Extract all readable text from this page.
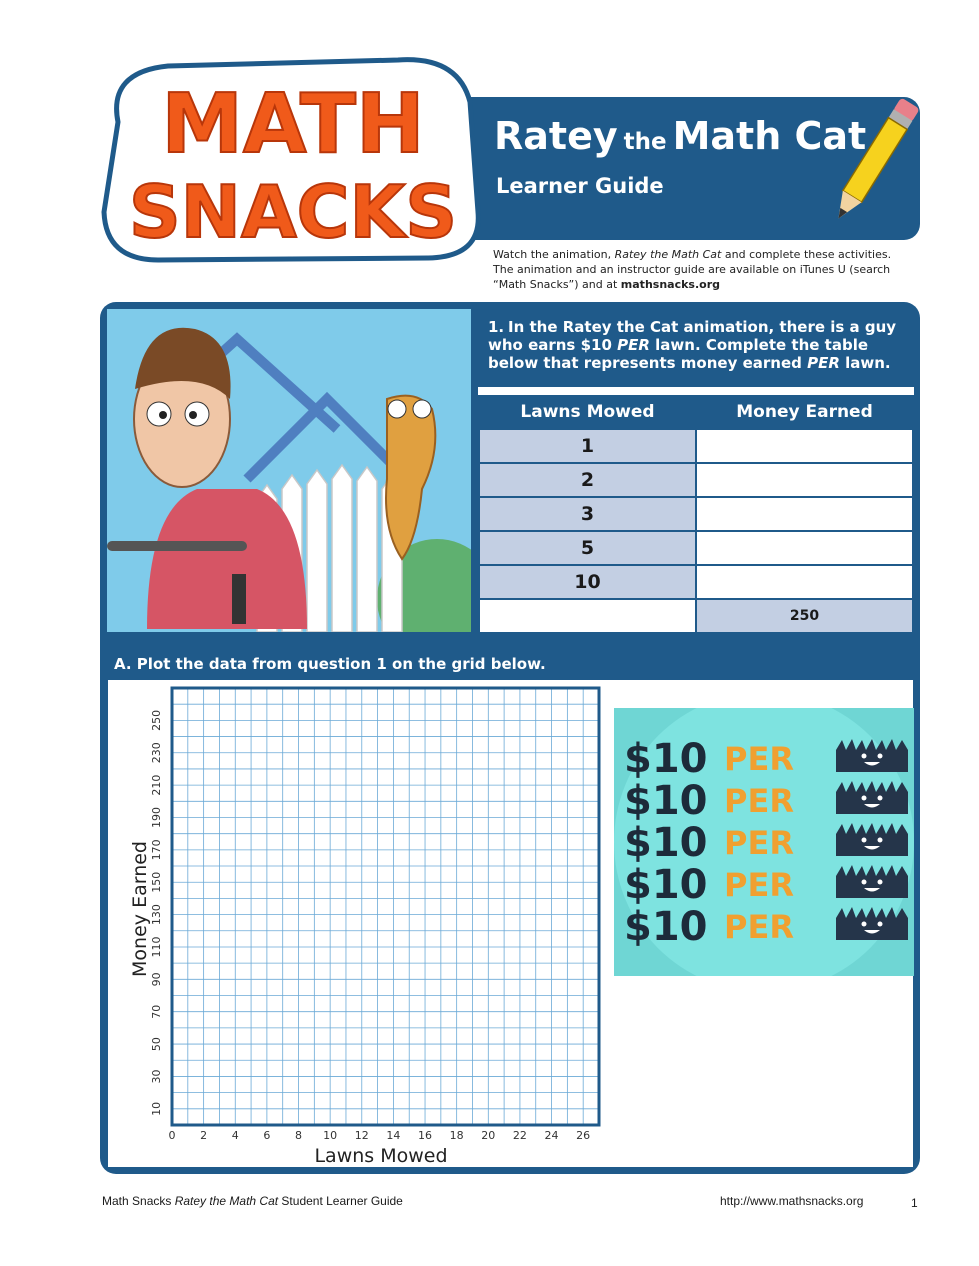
MATH
SNACKS
Ratey the Math Cat
Learner Guide
Watch the animation, Ratey the Math Cat and complete these activities.
The animation and an instructor guide are available on iTunes U (search
“Math Snacks”) and at mathsnacks.org
1. In the Ratey the Cat animation, there is a guy who earns $10 PER lawn. Complete the table below that represents money earned PER lawn.
Lawns Mowed	Money Earned
1	
2	
3	
5	
10	
	250
A. Plot the data from question 1 on the grid below.
0 2 4 6 8 10 12 14 16 18 20 22 24 26
10
30
50
70
90
110
130
150
170
190
210
230
250
Lawns Mowed
Money Earned
$10 PER
$10 PER
$10 PER
$10 PER
$10 PER
Math Snacks Ratey the Math Cat Student Learner Guide	http://www.mathsnacks.org	1
